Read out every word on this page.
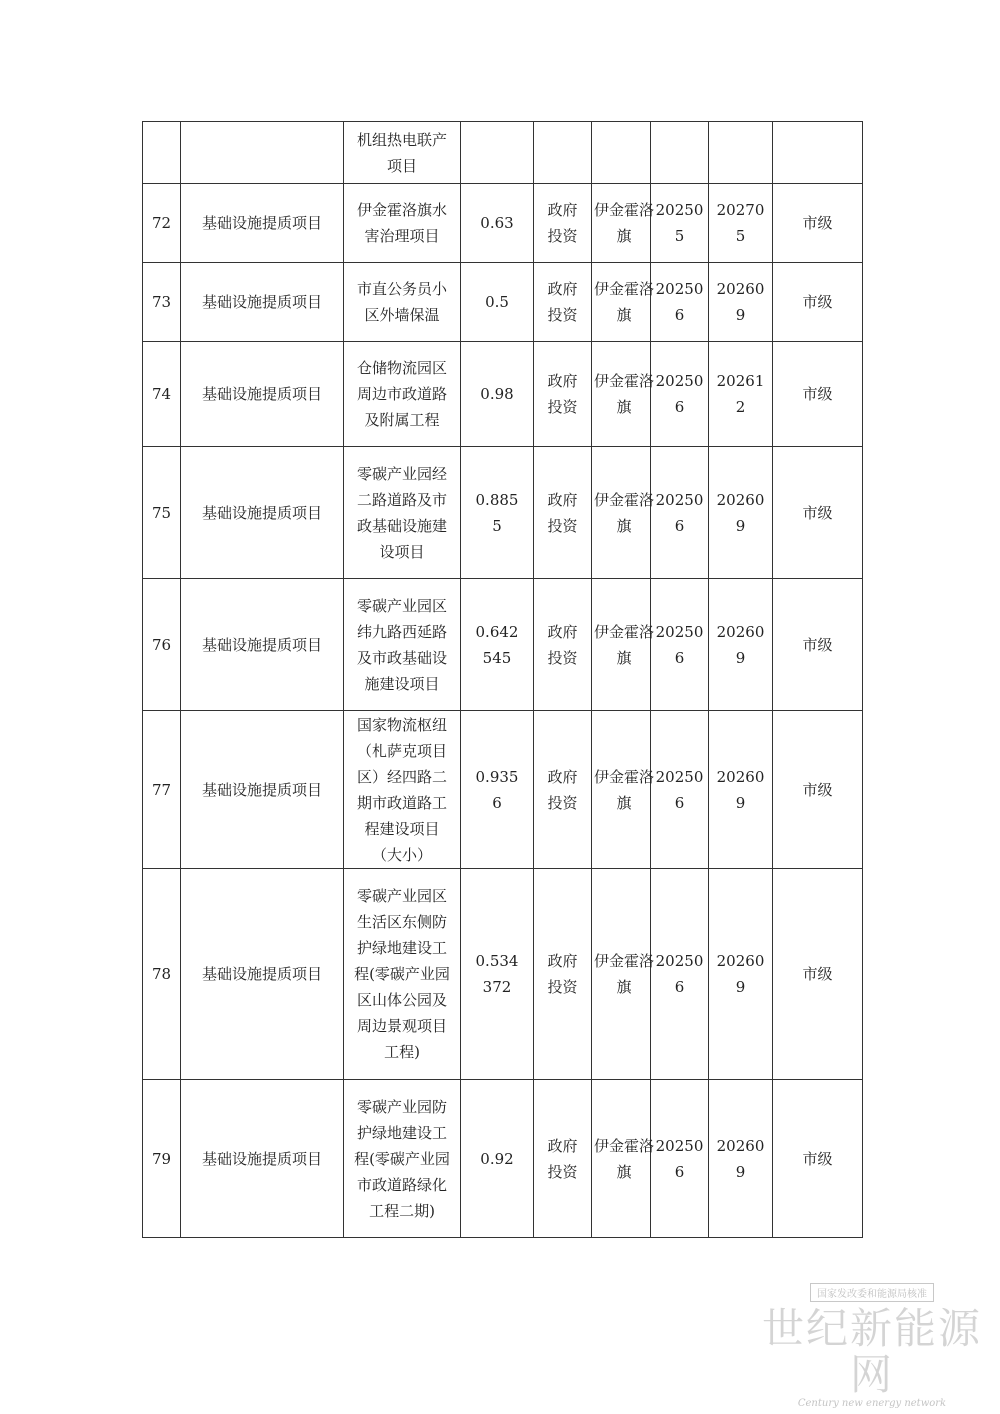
		机组热电联产项目						

72	基础设施提质项目	伊金霍洛旗水害治理项目	0.63	政府投资	伊金霍洛旗	202505	202705	市级

73	基础设施提质项目	市直公务员小区外墙保温	0.5	政府投资	伊金霍洛旗	202506	202609	市级

74	基础设施提质项目	仓储物流园区周边市政道路及附属工程	0.98	政府投资	伊金霍洛旗	202506	202612	市级

75	基础设施提质项目	零碳产业园经二路道路及市政基础设施建设项目	0.8855	政府投资	伊金霍洛旗	202506	202609	市级

76	基础设施提质项目	零碳产业园区纬九路西延路及市政基础设施建设项目	0.642545	政府投资	伊金霍洛旗	202506	202609	市级

77	基础设施提质项目	国家物流枢纽（札萨克项目区）经四路二期市政道路工程建设项目（大小）	0.9356	政府投资	伊金霍洛旗	202506	202609	市级

78	基础设施提质项目	零碳产业园区生活区东侧防护绿地建设工程(零碳产业园区山体公园及周边景观项目工程)	0.534372	政府投资	伊金霍洛旗	202506	202609	市级

79	基础设施提质项目	零碳产业园防护绿地建设工程(零碳产业园市政道路绿化工程二期)	0.92	政府投资	伊金霍洛旗	202506	202609	市级
国家发改委和能源局核准
世纪新能源网
Century new energy network
